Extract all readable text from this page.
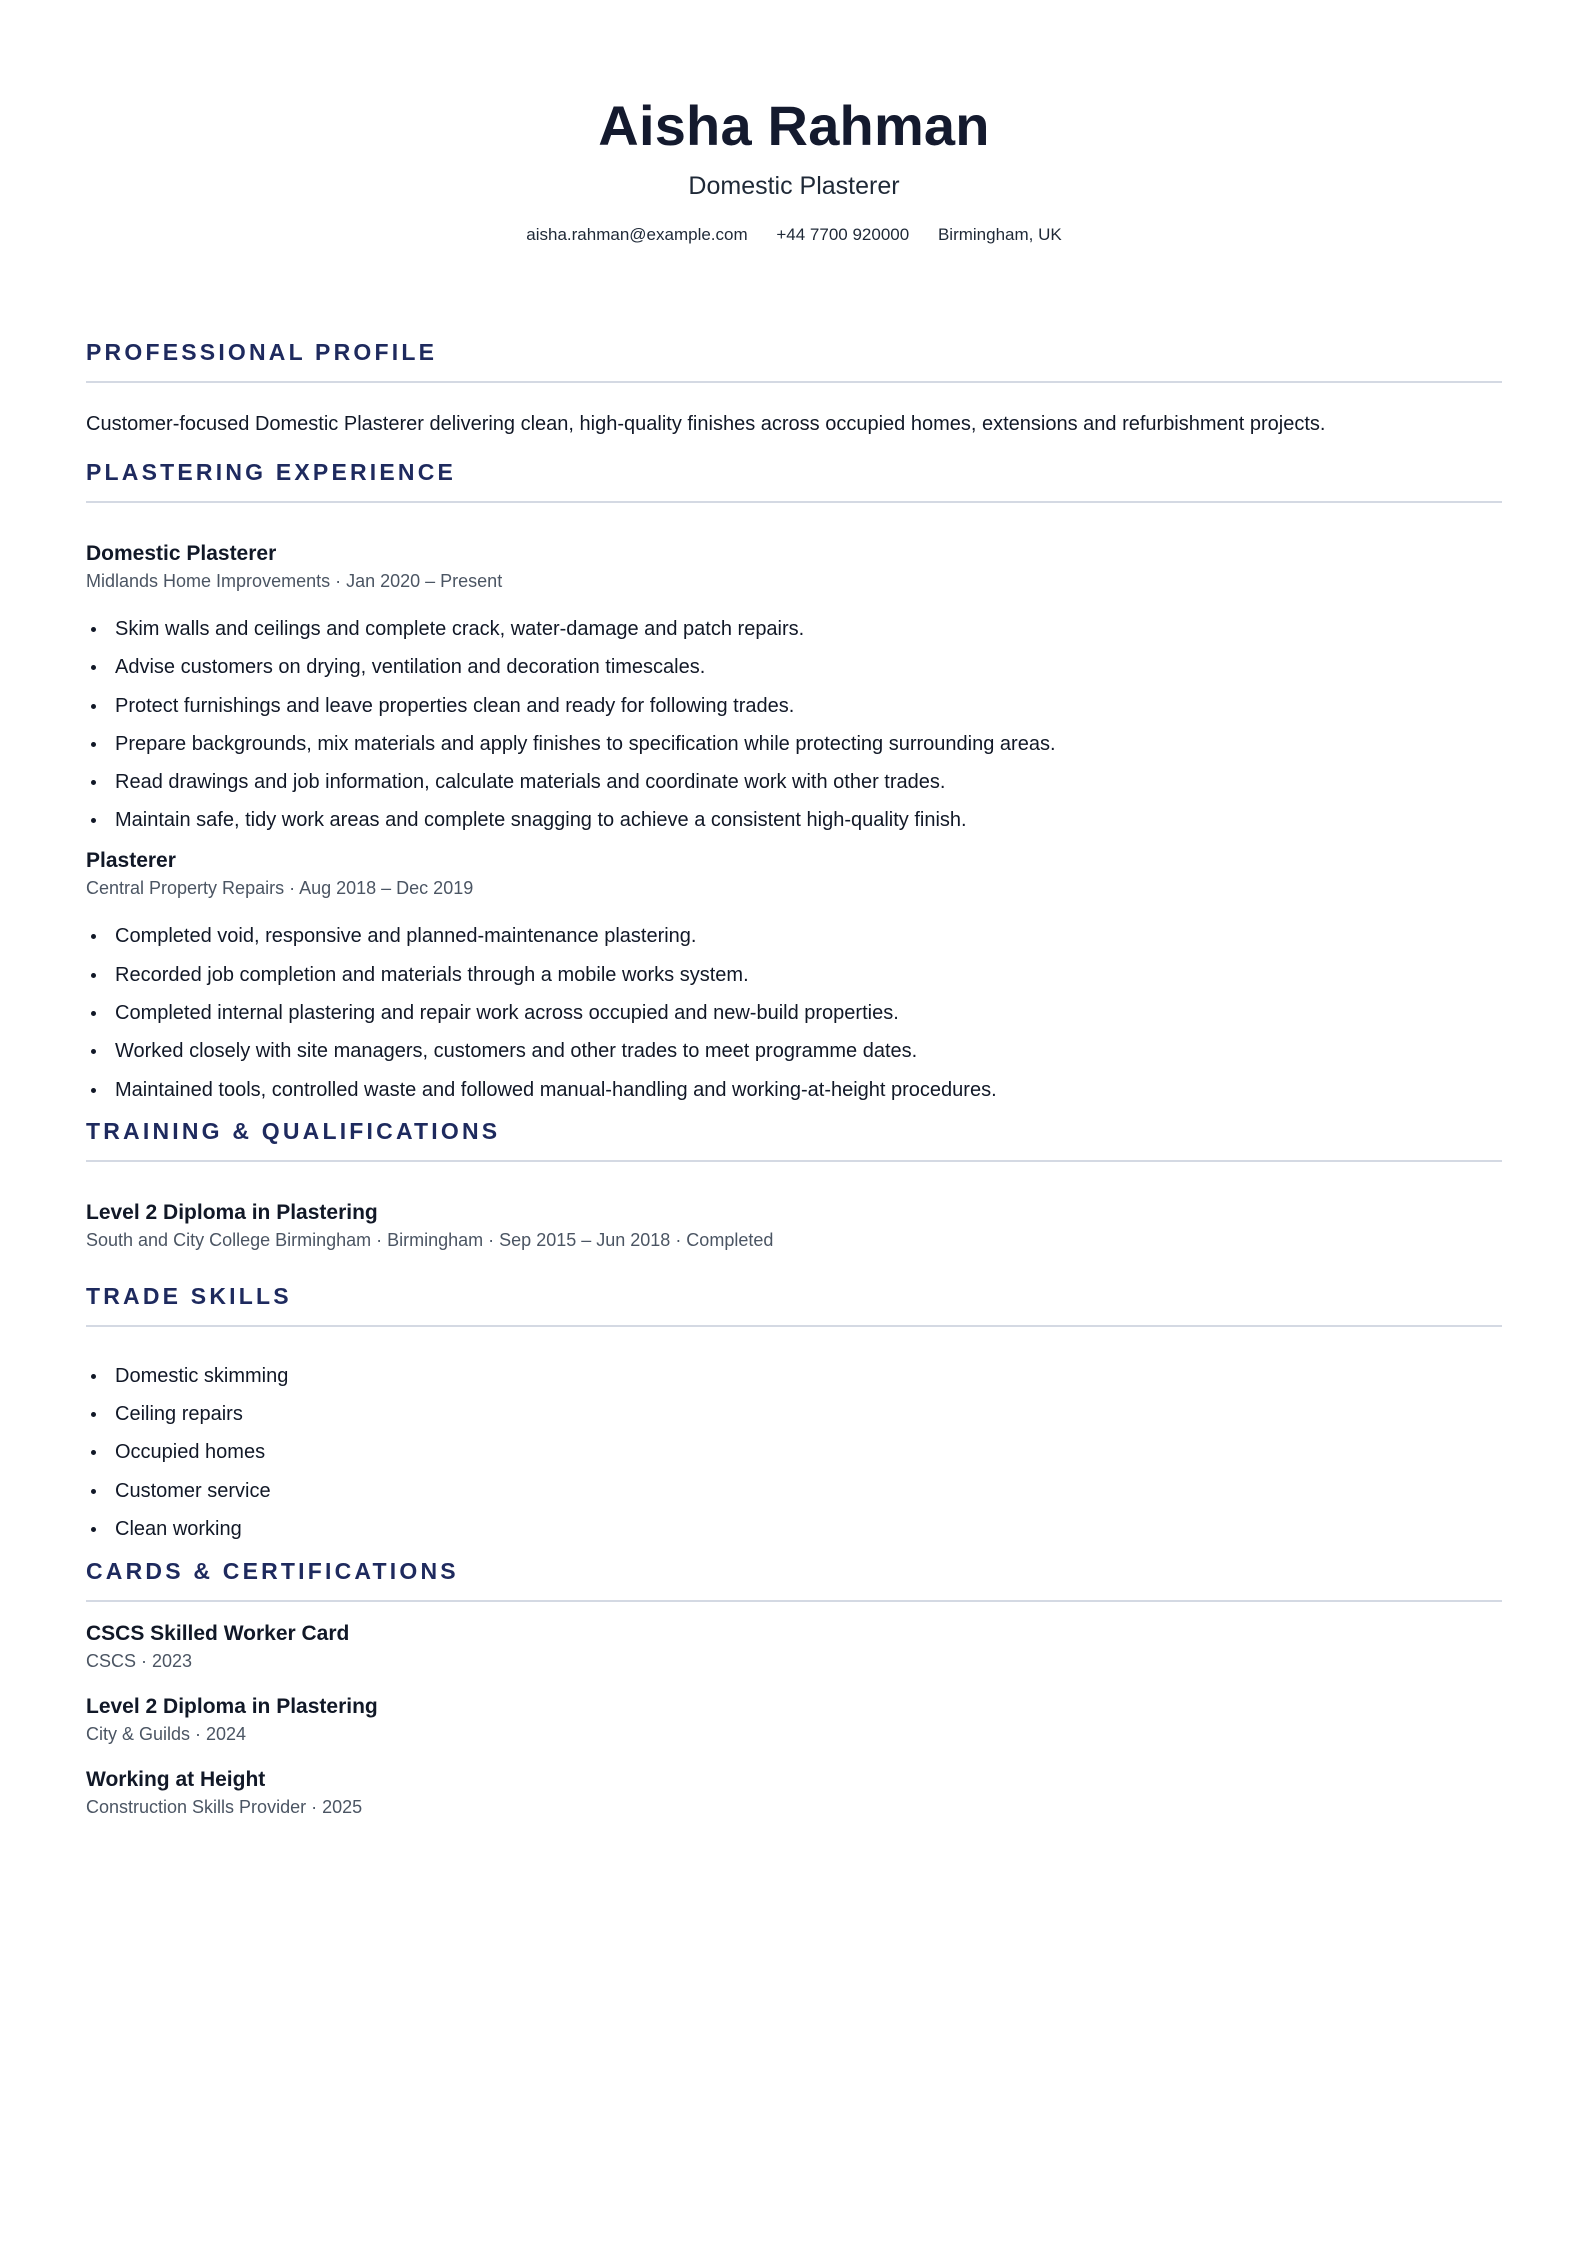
Aisha Rahman
Domestic Plasterer
aisha.rahman@example.com +44 7700 920000 Birmingham, UK
PROFESSIONAL PROFILE
Customer-focused Domestic Plasterer delivering clean, high-quality finishes across occupied homes, extensions and refurbishment projects.
PLASTERING EXPERIENCE
Domestic Plasterer
Midlands Home Improvements · Jan 2020 – Present
Skim walls and ceilings and complete crack, water-damage and patch repairs.
Advise customers on drying, ventilation and decoration timescales.
Protect furnishings and leave properties clean and ready for following trades.
Prepare backgrounds, mix materials and apply finishes to specification while protecting surrounding areas.
Read drawings and job information, calculate materials and coordinate work with other trades.
Maintain safe, tidy work areas and complete snagging to achieve a consistent high-quality finish.
Plasterer
Central Property Repairs · Aug 2018 – Dec 2019
Completed void, responsive and planned-maintenance plastering.
Recorded job completion and materials through a mobile works system.
Completed internal plastering and repair work across occupied and new-build properties.
Worked closely with site managers, customers and other trades to meet programme dates.
Maintained tools, controlled waste and followed manual-handling and working-at-height procedures.
TRAINING & QUALIFICATIONS
Level 2 Diploma in Plastering
South and City College Birmingham · Birmingham · Sep 2015 – Jun 2018 · Completed
TRADE SKILLS
Domestic skimming
Ceiling repairs
Occupied homes
Customer service
Clean working
CARDS & CERTIFICATIONS
CSCS Skilled Worker Card
CSCS · 2023
Level 2 Diploma in Plastering
City & Guilds · 2024
Working at Height
Construction Skills Provider · 2025
